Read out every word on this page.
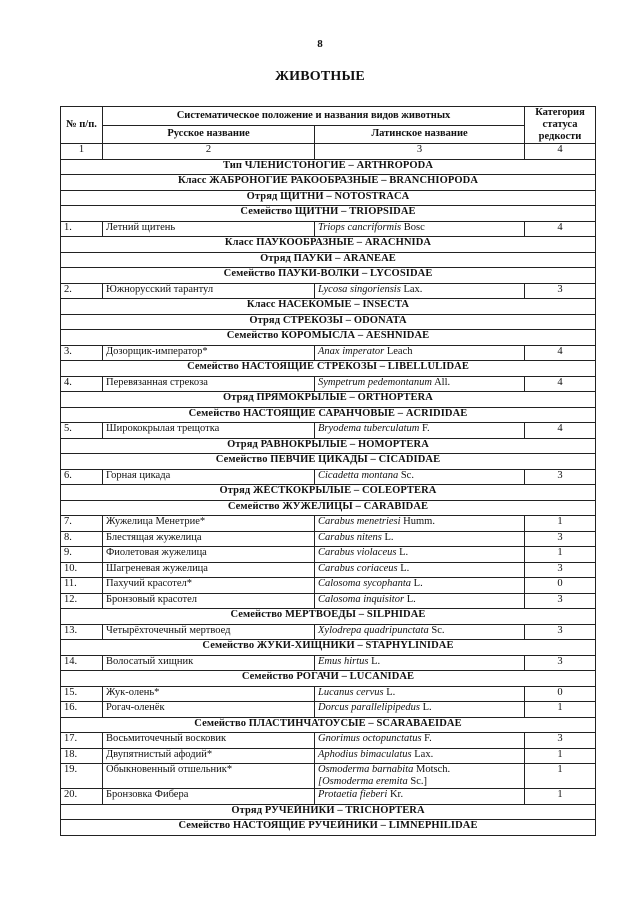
8
ЖИВОТНЫЕ
№ п/п.	Систематическое положение и названия видов животных		Категория статуса редкости
	Русское название	Латинское название	
1	2	3	4
Тип ЧЛЕНИСТОНОГИЕ – ARTHROPODA			
Класс ЖАБРОНОГИЕ РАКООБРАЗНЫЕ – BRANCHIOPODA			
Отряд ЩИТНИ – NOTOSTRACA			
Семейство ЩИТНИ – TRIOPSIDAE			
1.	Летний щитень	Triops cancriformis Bosc	4
Класс ПАУКООБРАЗНЫЕ – ARACHNIDA			
Отряд ПАУКИ – ARANEAE			
Семейство ПАУКИ-ВОЛКИ – LYCOSIDAE			
2.	Южнорусский тарантул	Lycosa singoriensis Lax.	3
Класс НАСЕКОМЫЕ – INSECTA			
Отряд СТРЕКОЗЫ – ODONATA			
Семейство КОРОМЫСЛА – AESHNIDAE			
3.	Дозорщик-император*	Anax imperator Leach	4
Семейство НАСТОЯЩИЕ СТРЕКОЗЫ – LIBELLULIDAE			
4.	Перевязанная стрекоза	Sympetrum pedemontanum All.	4
Отряд ПРЯМОКРЫЛЫЕ – ORTHOPTERA			
Семейство НАСТОЯЩИЕ САРАНЧОВЫЕ – ACRIDIDAE			
5.	Ширококрылая трещотка	Bryodema tuberculatum F.	4
Отряд РАВНОКРЫЛЫЕ – HOMOPTERA			
Семейство ПЕВЧИЕ ЦИКАДЫ – CICADIDAE			
6.	Горная цикада	Cicadetta montana Sc.	3
Отряд ЖЁСТКОКРЫЛЫЕ – COLEOPTERA			
Семейство ЖУЖЕЛИЦЫ – CARABIDAE			
7.	Жужелица Менетрие*	Carabus menetriesi Humm.	1
8.	Блестящая жужелица	Carabus nitens L.	3
9.	Фиолетовая жужелица	Carabus violaceus L.	1
10.	Шагреневая жужелица	Carabus coriaceus L.	3
11.	Пахучий красотел*	Calosoma sycophanta L.	0
12.	Бронзовый красотел	Calosoma inquisitor L.	3
Семейство МЕРТВОЕДЫ – SILPHIDAE			
13.	Четырёхточечный мертвоед	Xylodrepa quadripunctata Sc.	3
Семейство ЖУКИ-ХИЩНИКИ – STAPHYLINIDAE			
14.	Волосатый хищник	Emus hirtus L.	3
Семейство РОГАЧИ – LUCANIDAE			
15.	Жук-олень*	Lucanus cervus L.	0
16.	Рогач-оленёк	Dorcus parallelipipedus L.	1
Семейство ПЛАСТИНЧАТОУСЫЕ – SCARABAEIDAE			
17.	Восьмиточечный восковик	Gnorimus octopunctatus F.	3
18.	Двупятнистый афодий*	Aphodius bimaculatus Lax.	1
19.	Обыкновенный отшельник*	Osmoderma barnabita Motsch.
[Osmoderma eremita Sc.]	1
20.	Бронзовка Фибера	Protaetia fieberi Kr.	1
Отряд РУЧЕЙНИКИ – TRICHOPTERA			
Семейство НАСТОЯЩИЕ РУЧЕЙНИКИ – LIMNEPHILIDAE			
